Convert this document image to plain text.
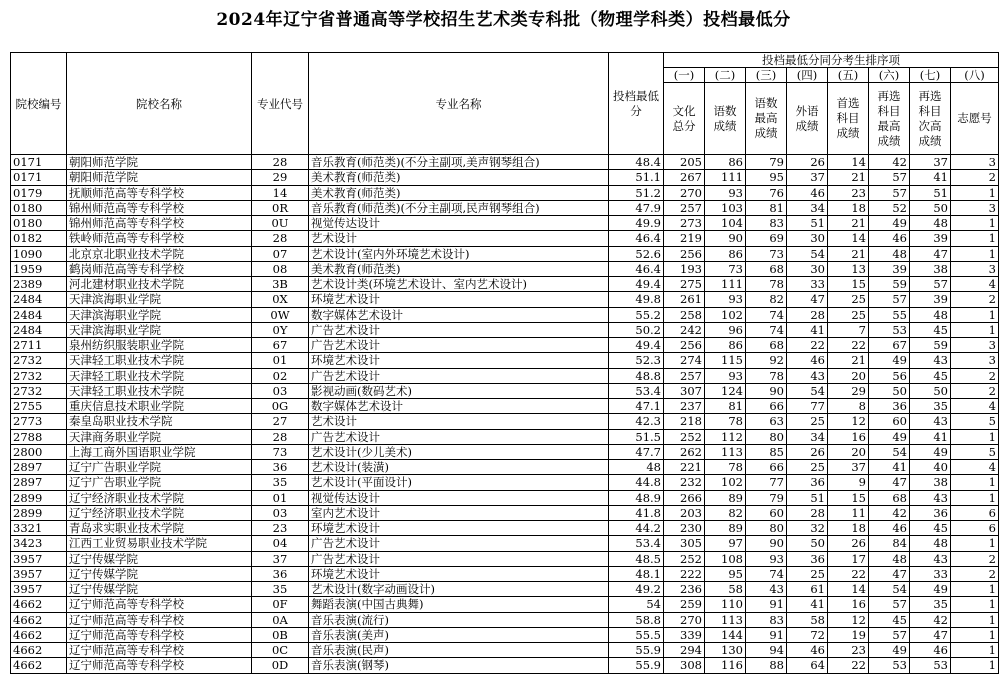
2024年辽宁省普通高等学校招生艺术类专科批（物理学科类）投档最低分
院校编号	院校名称	专业代号	专业名称	投档最低分	投档最低分同分考生排序项							
					(一)	(二)	(三)	(四)	(五)	(六)	(七)	(八)
					文化总分	语数成绩	语数最高成绩	外语成绩	首选科目成绩	再选科目最高成绩	再选科目次高成绩	志愿号
0171	朝阳师范学院	28	音乐教育(师范类)(不分主副项,美声钢琴组合)	48.4	205	86	79	26	14	42	37	3
0171	朝阳师范学院	29	美术教育(师范类)	51.1	267	111	95	37	21	57	41	2
0179	抚顺师范高等专科学校	14	美术教育(师范类)	51.2	270	93	76	46	23	57	51	1
0180	锦州师范高等专科学校	0R	音乐教育(师范类)(不分主副项,民声钢琴组合)	47.9	257	103	81	34	18	52	50	3
0180	锦州师范高等专科学校	0U	视觉传达设计	49.9	273	104	83	51	21	49	48	1
0182	铁岭师范高等专科学校	28	艺术设计	46.4	219	90	69	30	14	46	39	1
1090	北京京北职业技术学院	07	艺术设计(室内外环境艺术设计)	52.6	256	86	73	54	21	48	47	1
1959	鹤岗师范高等专科学校	08	美术教育(师范类)	46.4	193	73	68	30	13	39	38	3
2389	河北建材职业技术学院	3B	艺术设计类(环境艺术设计、室内艺术设计)	49.4	275	111	78	33	15	59	57	4
2484	天津滨海职业学院	0X	环境艺术设计	49.8	261	93	82	47	25	57	39	2
2484	天津滨海职业学院	0W	数字媒体艺术设计	55.2	258	102	74	28	25	55	48	1
2484	天津滨海职业学院	0Y	广告艺术设计	50.2	242	96	74	41	7	53	45	1
2711	泉州纺织服装职业学院	67	广告艺术设计	49.4	256	86	68	22	22	67	59	3
2732	天津轻工职业技术学院	01	环境艺术设计	52.3	274	115	92	46	21	49	43	3
2732	天津轻工职业技术学院	02	广告艺术设计	48.8	257	93	78	43	20	56	45	2
2732	天津轻工职业技术学院	03	影视动画(数码艺术)	53.4	307	124	90	54	29	50	50	2
2755	重庆信息技术职业学院	0G	数字媒体艺术设计	47.1	237	81	66	77	8	36	35	4
2773	秦皇岛职业技术学院	27	艺术设计	42.3	218	78	63	25	12	60	43	5
2788	天津商务职业学院	28	广告艺术设计	51.5	252	112	80	34	16	49	41	1
2800	上海工商外国语职业学院	73	艺术设计(少儿美术)	47.7	262	113	85	26	20	54	49	5
2897	辽宁广告职业学院	36	艺术设计(装潢)	48	221	78	66	25	37	41	40	4
2897	辽宁广告职业学院	35	艺术设计(平面设计)	44.8	232	102	77	36	9	47	38	1
2899	辽宁经济职业技术学院	01	视觉传达设计	48.9	266	89	79	51	15	68	43	1
2899	辽宁经济职业技术学院	03	室内艺术设计	41.8	203	82	60	28	11	42	36	6
3321	青岛求实职业技术学院	23	环境艺术设计	44.2	230	89	80	32	18	46	45	6
3423	江西工业贸易职业技术学院	04	广告艺术设计	53.4	305	97	90	50	26	84	48	1
3957	辽宁传媒学院	37	广告艺术设计	48.5	252	108	93	36	17	48	43	2
3957	辽宁传媒学院	36	环境艺术设计	48.1	222	95	74	25	22	47	33	2
3957	辽宁传媒学院	35	艺术设计(数字动画设计)	49.2	236	58	43	61	14	54	49	1
4662	辽宁师范高等专科学校	0F	舞蹈表演(中国古典舞)	54	259	110	91	41	16	57	35	1
4662	辽宁师范高等专科学校	0A	音乐表演(流行)	58.8	270	113	83	58	12	45	42	1
4662	辽宁师范高等专科学校	0B	音乐表演(美声)	55.5	339	144	91	72	19	57	47	1
4662	辽宁师范高等专科学校	0C	音乐表演(民声)	55.9	294	130	94	46	23	49	46	1
4662	辽宁师范高等专科学校	0D	音乐表演(钢琴)	55.9	308	116	88	64	22	53	53	1
